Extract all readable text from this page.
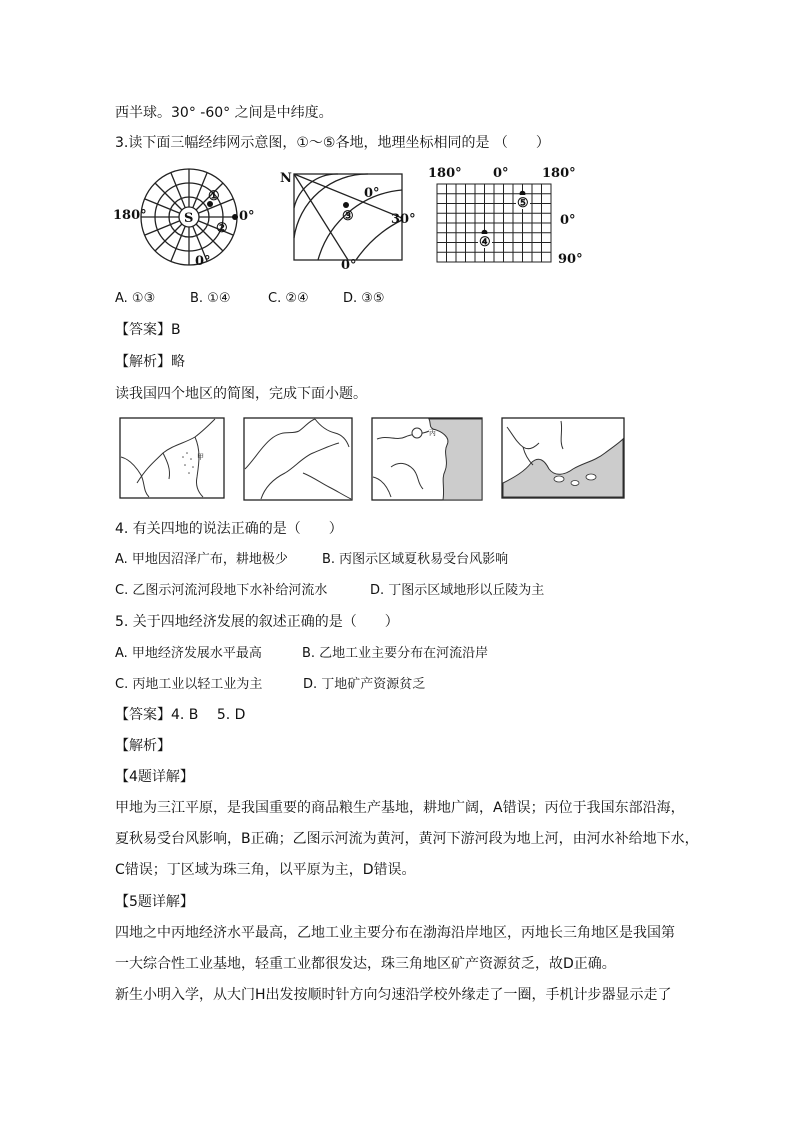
西半球。30° -60° 之间是中纬度。
3.读下面三幅经纬网示意图，①～⑤各地，地理坐标相同的是 （　　）
S
①
②
180°	0°
0°
③
N
0°
30°
0°
⑤
④
180° 0°	180°
0°
90°
A. ①③	B. ①④	C. ②④	D. ③⑤
【答案】B
【解析】略
读我国四个地区的简图，完成下面小题。
甲
丙
4. 有关四地的说法正确的是（　　）
A. 甲地因沼泽广布，耕地极少	B. 丙图示区域夏秋易受台风影响
C. 乙图示河流河段地下水补给河流水	D. 丁图示区域地形以丘陵为主
5. 关于四地经济发展的叙述正确的是（　　）
A. 甲地经济发展水平最高	B. 乙地工业主要分布在河流沿岸
C. 丙地工业以轻工业为主	D. 丁地矿产资源贫乏
【答案】4. B　 5. D
【解析】
【4题详解】
甲地为三江平原，是我国重要的商品粮生产基地，耕地广阔，A错误；丙位于我国东部沿海，
夏秋易受台风影响，B正确；乙图示河流为黄河，黄河下游河段为地上河，由河水补给地下水，
C错误；丁区域为珠三角，以平原为主，D错误。
【5题详解】
四地之中丙地经济水平最高，乙地工业主要分布在渤海沿岸地区，丙地长三角地区是我国第
一大综合性工业基地，轻重工业都很发达，珠三角地区矿产资源贫乏，故D正确。
新生小明入学，从大门H出发按顺时针方向匀速沿学校外缘走了一圈，手机计步器显示走了
